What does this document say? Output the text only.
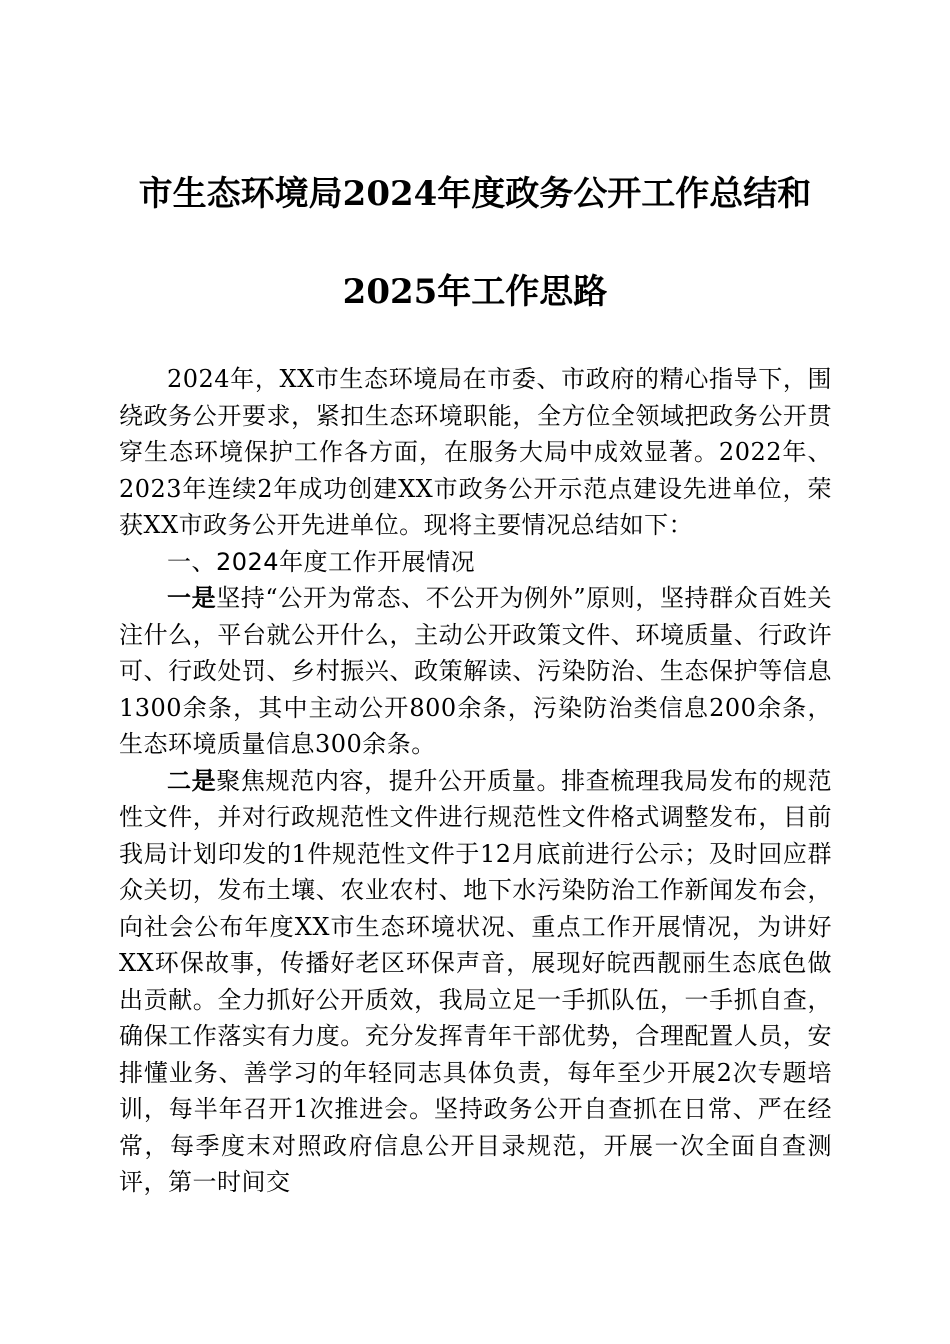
市生态环境局2024年度政务公开工作总结和
2025年工作思路

2024年，XX市生态环境局在市委、市政府的精心指导下，围绕政务公开要求，紧扣生态环境职能，全方位全领域把政务公开贯穿生态环境保护工作各方面，在服务大局中成效显著。2022年、2023年连续2年成功创建XX市政务公开示范点建设先进单位，荣获XX市政务公开先进单位。现将主要情况总结如下：

一、2024年度工作开展情况

一是坚持“公开为常态、不公开为例外”原则，坚持群众百姓关注什么，平台就公开什么，主动公开政策文件、环境质量、行政许可、行政处罚、乡村振兴、政策解读、污染防治、生态保护等信息1300余条，其中主动公开800余条，污染防治类信息200余条，生态环境质量信息300余条。

二是聚焦规范内容，提升公开质量。排查梳理我局发布的规范性文件，并对行政规范性文件进行规范性文件格式调整发布，目前我局计划印发的1件规范性文件于12月底前进行公示；及时回应群众关切，发布土壤、农业农村、地下水污染防治工作新闻发布会，向社会公布年度XX市生态环境状况、重点工作开展情况，为讲好XX环保故事，传播好老区环保声音，展现好皖西靓丽生态底色做出贡献。全力抓好公开质效，我局立足一手抓队伍，一手抓自查，确保工作落实有力度。充分发挥青年干部优势，合理配置人员，安排懂业务、善学习的年轻同志具体负责，每年至少开展2次专题培训，每半年召开1次推进会。坚持政务公开自查抓在日常、严在经常，每季度末对照政府信息公开目录规范，开展一次全面自查测评，第一时间交
